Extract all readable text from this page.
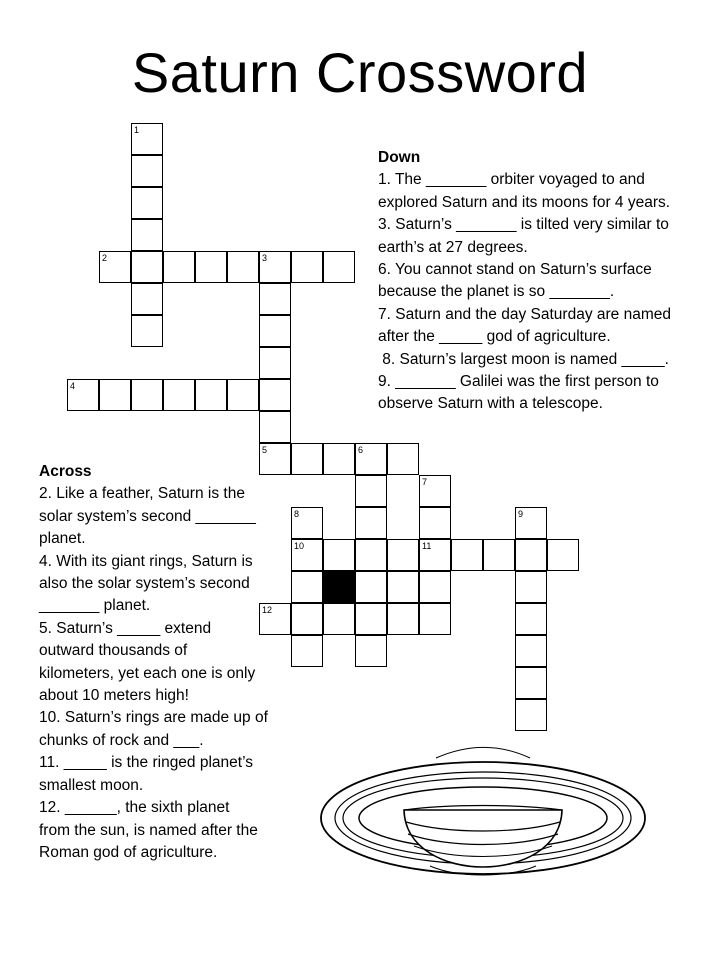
Saturn Crossword
1
2	3
4
5	6
7
8	9
10	11
12
Down
1. The _______ orbiter voyaged to and
explored Saturn and its moons for 4 years.
3. Saturn’s _______ is tilted very similar to
earth’s at 27 degrees.
6. You cannot stand on Saturn’s surface
because the planet is so _______.
7. Saturn and the day Saturday are named
after the _____ god of agriculture.
8. Saturn’s largest moon is named _____.
9. _______ Galilei was the first person to
observe Saturn with a telescope.
Across
2. Like a feather, Saturn is the
solar system’s second _______
planet.
4. With its giant rings, Saturn is
also the solar system’s second
_______ planet.
5. Saturn’s _____ extend
outward thousands of
kilometers, yet each one is only
about 10 meters high!
10. Saturn’s rings are made up of
chunks of rock and ___.
11. _____ is the ringed planet’s
smallest moon.
12. ______, the sixth planet
from the sun, is named after the
Roman god of agriculture.
